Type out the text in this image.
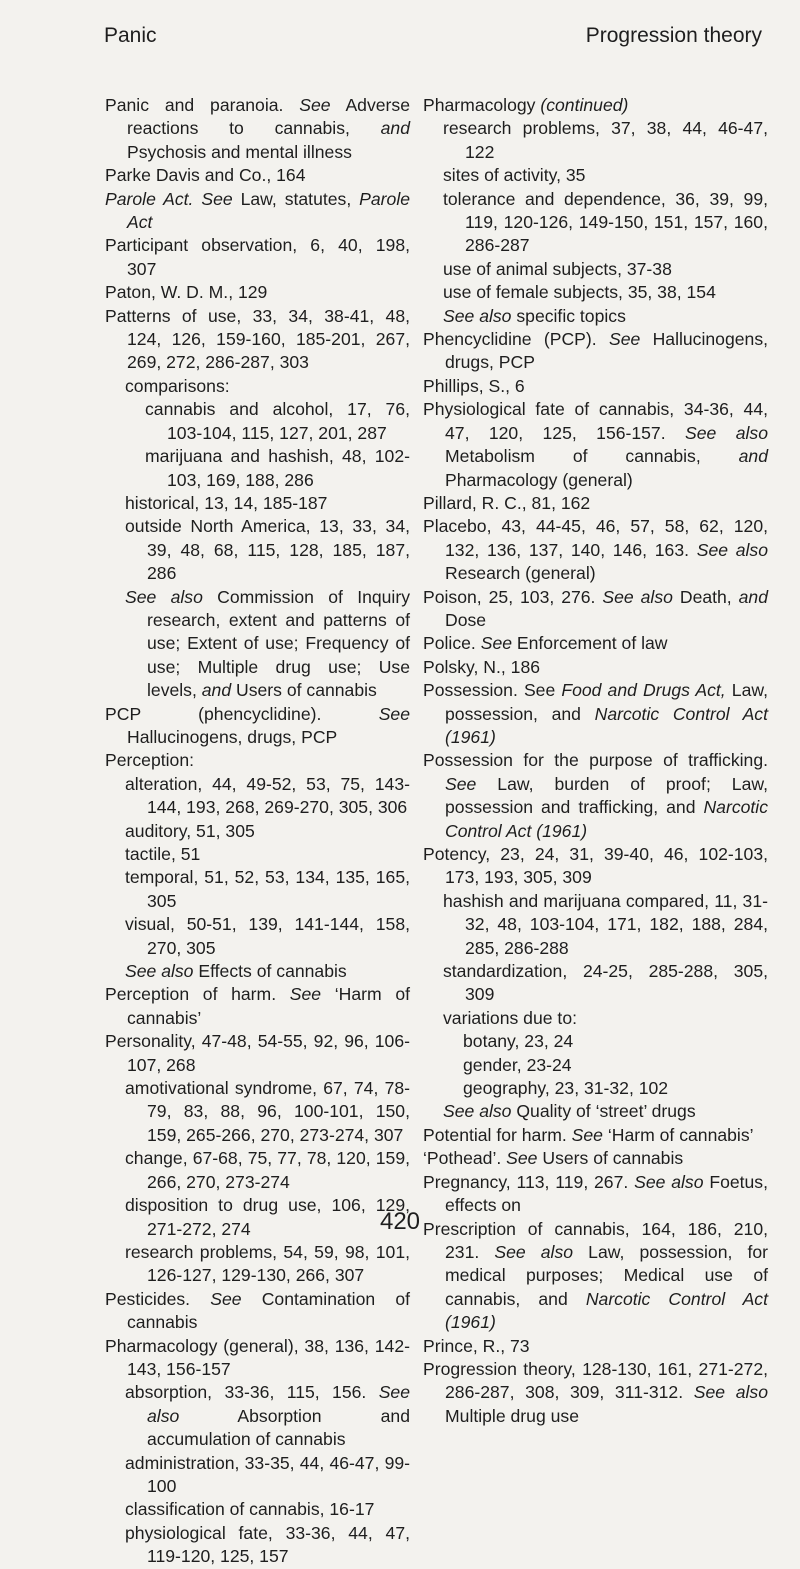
Panic	Progression theory
Panic and paranoia. See Adverse reactions to cannabis, and Psychosis and mental illness
Parke Davis and Co., 164
Parole Act. See Law, statutes, Parole Act
Participant observation, 6, 40, 198, 307
Paton, W. D. M., 129
Patterns of use, 33, 34, 38-41, 48, 124, 126, 159-160, 185-201, 267, 269, 272, 286-287, 303
comparisons:
cannabis and alcohol, 17, 76, 103-104, 115, 127, 201, 287
marijuana and hashish, 48, 102-103, 169, 188, 286
historical, 13, 14, 185-187
outside North America, 13, 33, 34, 39, 48, 68, 115, 128, 185, 187, 286
See also Commission of Inquiry research, extent and patterns of use; Extent of use; Frequency of use; Multiple drug use; Use levels, and Users of cannabis
PCP (phencyclidine). See Hallucinogens, drugs, PCP
Perception:
alteration, 44, 49-52, 53, 75, 143-144, 193, 268, 269-270, 305, 306
auditory, 51, 305
tactile, 51
temporal, 51, 52, 53, 134, 135, 165, 305
visual, 50-51, 139, 141-144, 158, 270, 305
See also Effects of cannabis
Perception of harm. See ‘Harm of cannabis’
Personality, 47-48, 54-55, 92, 96, 106-107, 268
amotivational syndrome, 67, 74, 78-79, 83, 88, 96, 100-101, 150, 159, 265-266, 270, 273-274, 307
change, 67-68, 75, 77, 78, 120, 159, 266, 270, 273-274
disposition to drug use, 106, 129, 271-272, 274
research problems, 54, 59, 98, 101, 126-127, 129-130, 266, 307
Pesticides. See Contamination of cannabis
Pharmacology (general), 38, 136, 142-143, 156-157
absorption, 33-36, 115, 156. See also Absorption and accumulation of cannabis
administration, 33-35, 44, 46-47, 99-100
classification of cannabis, 16-17
physiological fate, 33-36, 44, 47, 119-120, 125, 157
Pharmacology (continued)
research problems, 37, 38, 44, 46-47, 122
sites of activity, 35
tolerance and dependence, 36, 39, 99, 119, 120-126, 149-150, 151, 157, 160, 286-287
use of animal subjects, 37-38
use of female subjects, 35, 38, 154
See also specific topics
Phencyclidine (PCP). See Hallucinogens, drugs, PCP
Phillips, S., 6
Physiological fate of cannabis, 34-36, 44, 47, 120, 125, 156-157. See also Metabolism of cannabis, and Pharmacology (general)
Pillard, R. C., 81, 162
Placebo, 43, 44-45, 46, 57, 58, 62, 120, 132, 136, 137, 140, 146, 163. See also Research (general)
Poison, 25, 103, 276. See also Death, and Dose
Police. See Enforcement of law
Polsky, N., 186
Possession. See Food and Drugs Act, Law, possession, and Narcotic Control Act (1961)
Possession for the purpose of trafficking. See Law, burden of proof; Law, possession and trafficking, and Narcotic Control Act (1961)
Potency, 23, 24, 31, 39-40, 46, 102-103, 173, 193, 305, 309
hashish and marijuana compared, 11, 31-32, 48, 103-104, 171, 182, 188, 284, 285, 286-288
standardization, 24-25, 285-288, 305, 309
variations due to:
botany, 23, 24
gender, 23-24
geography, 23, 31-32, 102
See also Quality of ‘street’ drugs
Potential for harm. See ‘Harm of cannabis’
‘Pothead’. See Users of cannabis
Pregnancy, 113, 119, 267. See also Foetus, effects on
Prescription of cannabis, 164, 186, 210, 231. See also Law, possession, for medical purposes; Medical use of cannabis, and Narcotic Control Act (1961)
Prince, R., 73
Progression theory, 128-130, 161, 271-272, 286-287, 308, 309, 311-312. See also Multiple drug use
420
